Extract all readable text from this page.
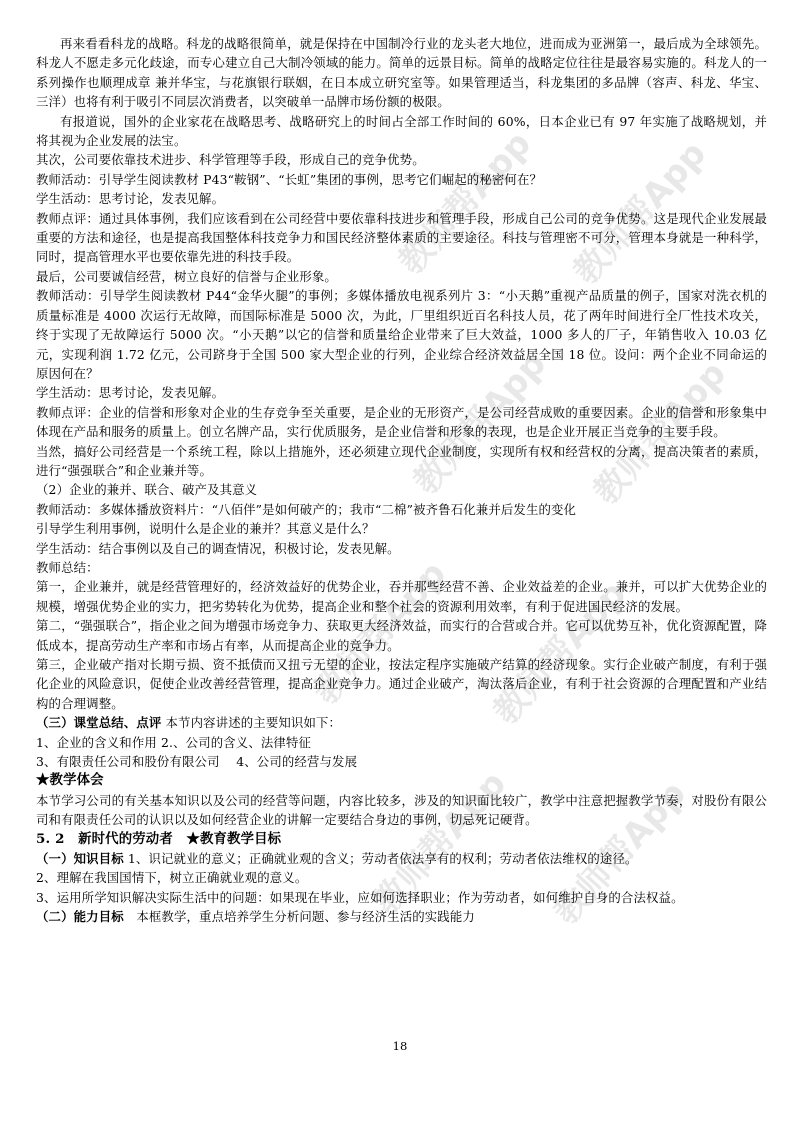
教师帮App 教师帮App
教师帮App 教师帮App
教师帮App 教师帮App
教师帮App 教师帮App

再来看看科龙的战略。科龙的战略很简单，就是保持在中国制冷行业的龙头老大地位，进而成为亚洲第一，最后成为全球领先。科龙人不愿走多元化歧途，而专心建立自己大制冷领域的能力。简单的远景目标。简单的战略定位往往是最容易实施的。科龙人的一系列操作也顺理成章 兼并华宝，与花旗银行联姻，在日本成立研究室等。如果管理适当，科龙集团的多品牌（容声、科龙、华宝、三洋）也将有利于吸引不同层次消费者，以突破单一品牌市场份额的极限。

有报道说，国外的企业家花在战略思考、战略研究上的时间占全部工作时间的 60%，日本企业已有 97 年实施了战略规划，并将其视为企业发展的法宝。

其次，公司要依靠技术进步、科学管理等手段，形成自己的竞争优势。

教师活动：引导学生阅读教材 P43“鞍钢”、“长虹”集团的事例，思考它们崛起的秘密何在？

学生活动：思考讨论，发表见解。

教师点评：通过具体事例，我们应该看到在公司经营中要依靠科技进步和管理手段，形成自己公司的竞争优势。这是现代企业发展最重要的方法和途径，也是提高我国整体科技竞争力和国民经济整体素质的主要途径。科技与管理密不可分，管理本身就是一种科学，同时，提高管理水平也要依靠先进的科技手段。

最后，公司要诚信经营，树立良好的信誉与企业形象。

教师活动：引导学生阅读教材 P44“金华火腿”的事例；多媒体播放电视系列片 3：“小天鹅”重视产品质量的例子，国家对洗衣机的质量标准是 4000 次运行无故障，而国际标准是 5000 次，为此，厂里组织近百名科技人员，花了两年时间进行全厂性技术攻关，终于实现了无故障运行 5000 次。“小天鹅”以它的信誉和质量给企业带来了巨大效益，1000 多人的厂子，年销售收入 10.03 亿元，实现利润 1.72 亿元，公司跻身于全国 500 家大型企业的行列，企业综合经济效益居全国 18 位。设问：两个企业不同命运的原因何在？

学生活动：思考讨论，发表见解。

教师点评：企业的信誉和形象对企业的生存竞争至关重要，是企业的无形资产，是公司经营成败的重要因素。企业的信誉和形象集中体现在产品和服务的质量上。创立名牌产品，实行优质服务，是企业信誉和形象的表现，也是企业开展正当竞争的主要手段。

当然，搞好公司经营是一个系统工程，除以上措施外，还必须建立现代企业制度，实现所有权和经营权的分离，提高决策者的素质，进行“强强联合”和企业兼并等。

（2）企业的兼并、联合、破产及其意义

教师活动：多媒体播放资料片：“八佰伴”是如何破产的；我市“二棉”被齐鲁石化兼并后发生的变化

引导学生利用事例，说明什么是企业的兼并？其意义是什么？

学生活动：结合事例以及自己的调查情况，积极讨论，发表见解。

教师总结：

第一，企业兼并，就是经营管理好的，经济效益好的优势企业，吞并那些经营不善、企业效益差的企业。兼并，可以扩大优势企业的规模，增强优势企业的实力，把劣势转化为优势，提高企业和整个社会的资源利用效率，有利于促进国民经济的发展。

第二，“强强联合”，指企业之间为增强市场竞争力、获取更大经济效益，而实行的合营或合并。它可以优势互补，优化资源配置，降低成本，提高劳动生产率和市场占有率，从而提高企业的竞争力。

第三，企业破产指对长期亏损、资不抵债而又扭亏无望的企业，按法定程序实施破产结算的经济现象。实行企业破产制度，有利于强化企业的风险意识，促使企业改善经营管理，提高企业竞争力。通过企业破产，淘汰落后企业，有利于社会资源的合理配置和产业结构的合理调整。

（三）课堂总结、点评 本节内容讲述的主要知识如下：

1、企业的含义和作用 2.、公司的含义、法律特征

3、有限责任公司和股份有限公司 　4、公司的经营与发展

★教学体会

本节学习公司的有关基本知识以及公司的经营等问题，内容比较多，涉及的知识面比较广，教学中注意把握教学节奏，对股份有限公司和有限责任公司的认识以及如何经营企业的讲解一定要结合身边的事例，切忌死记硬背。

5. 2　新时代的劳动者　★教育教学目标

（一）知识目标 1、识记就业的意义；正确就业观的含义；劳动者依法享有的权利；劳动者依法维权的途径。

2、理解在我国国情下，树立正确就业观的意义。

3、运用所学知识解决实际生活中的问题：如果现在毕业，应如何选择职业；作为劳动者，如何维护自身的合法权益。

（二）能力目标　本框教学，重点培养学生分析问题、参与经济生活的实践能力

18
